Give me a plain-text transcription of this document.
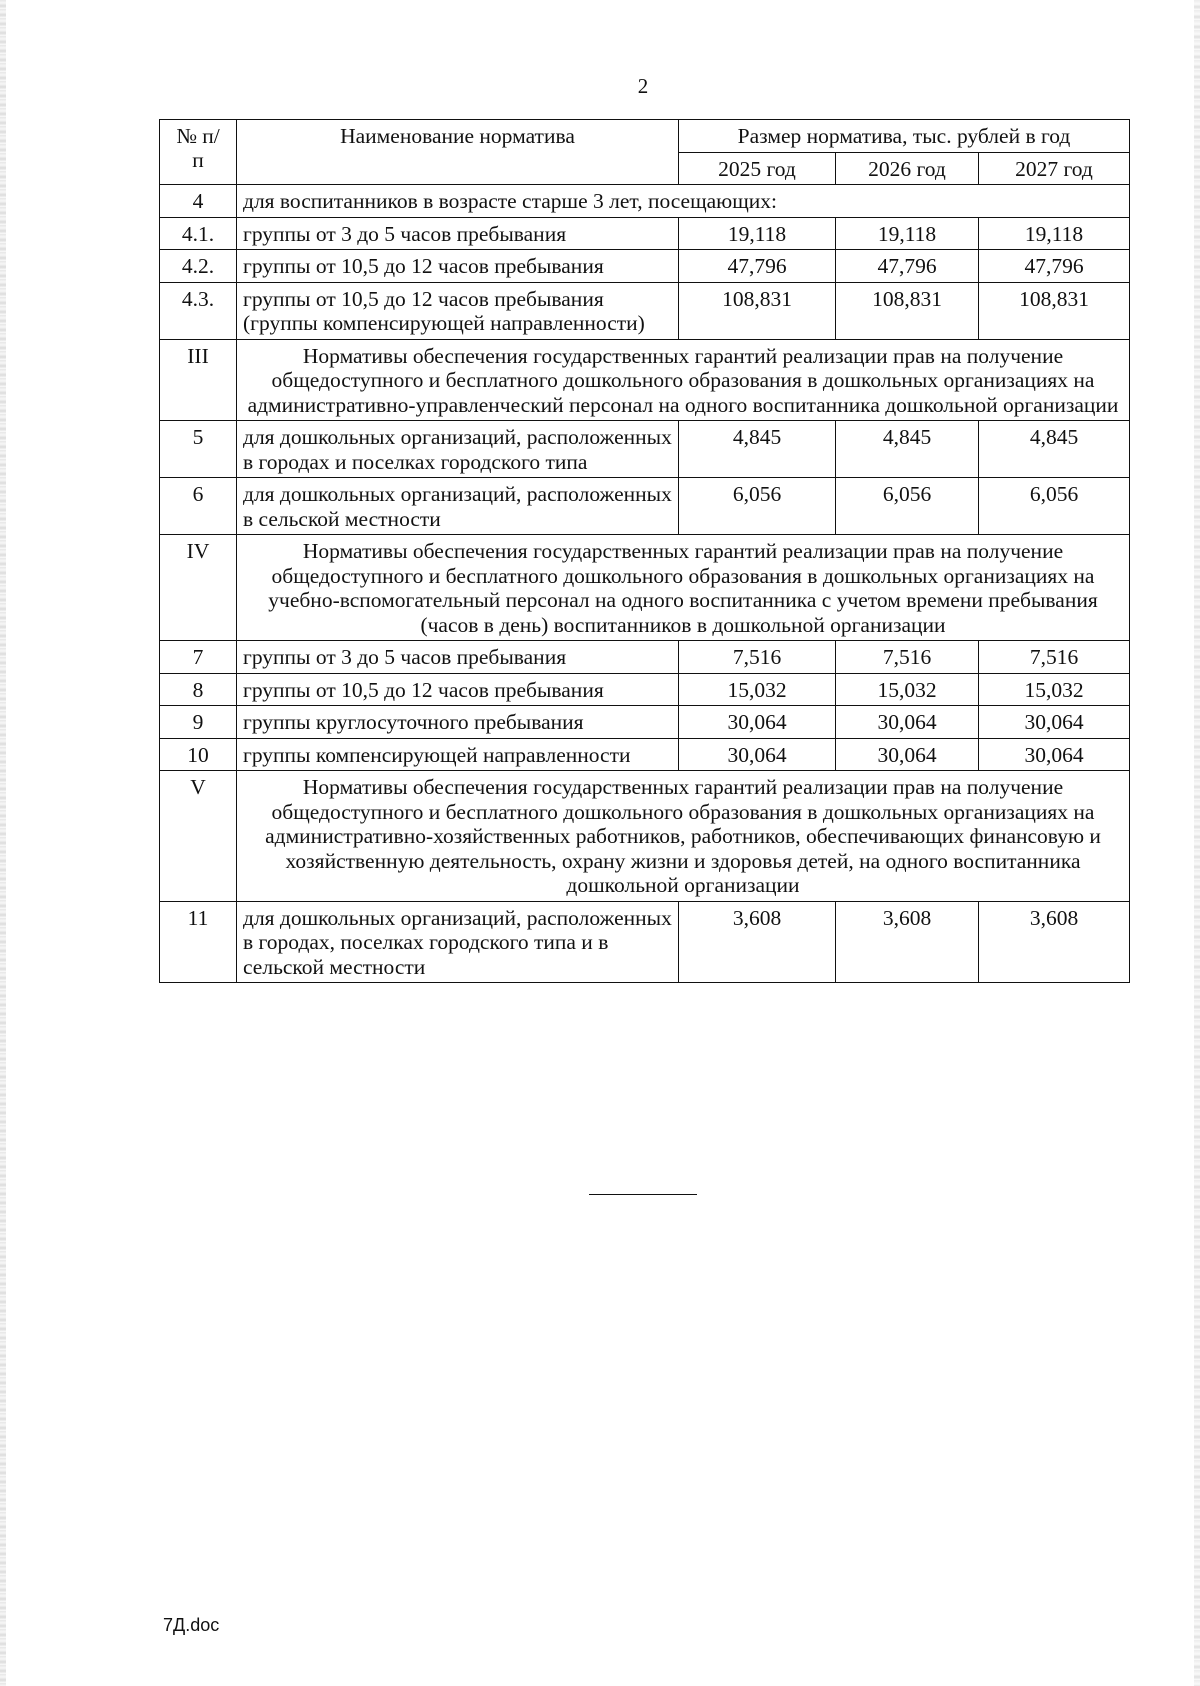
2
№ п/п	Наименование норматива	Размер норматива, тыс. рублей в год		
		2025 год	2026 год	2027 год
4	для воспитанников в возрасте старше 3 лет, посещающих:			
4.1.	группы от 3 до 5 часов пребывания	19,118	19,118	19,118
4.2.	группы от 10,5 до 12 часов пребывания	47,796	47,796	47,796
4.3.	группы от 10,5 до 12 часов пребывания (группы компенсирующей направленности)	108,831	108,831	108,831
III	Нормативы обеспечения государственных гарантий реализации прав на получение общедоступного и бесплатного дошкольного образования в дошкольных организациях на административно-управленческий персонал на одного воспитанника дошкольной организации			
5	для дошкольных организаций, расположенных в городах и поселках городского типа	4,845	4,845	4,845
6	для дошкольных организаций, расположенных в сельской местности	6,056	6,056	6,056
IV	Нормативы обеспечения государственных гарантий реализации прав на получение общедоступного и бесплатного дошкольного образования в дошкольных организациях на учебно-вспомогательный персонал на одного воспитанника с учетом времени пребывания (часов в день) воспитанников в дошкольной организации			
7	группы от 3 до 5 часов пребывания	7,516	7,516	7,516
8	группы от 10,5 до 12 часов пребывания	15,032	15,032	15,032
9	группы круглосуточного пребывания	30,064	30,064	30,064
10	группы компенсирующей направленности	30,064	30,064	30,064
V	Нормативы обеспечения государственных гарантий реализации прав на получение общедоступного и бесплатного дошкольного образования в дошкольных организациях на административно-хозяйственных работников, работников, обеспечивающих финансовую и хозяйственную деятельность, охрану жизни и здоровья детей, на одного воспитанника дошкольной организации			
11	для дошкольных организаций, расположенных в городах, поселках городского типа и в сельской местности	3,608	3,608	3,608
7Д.doc
